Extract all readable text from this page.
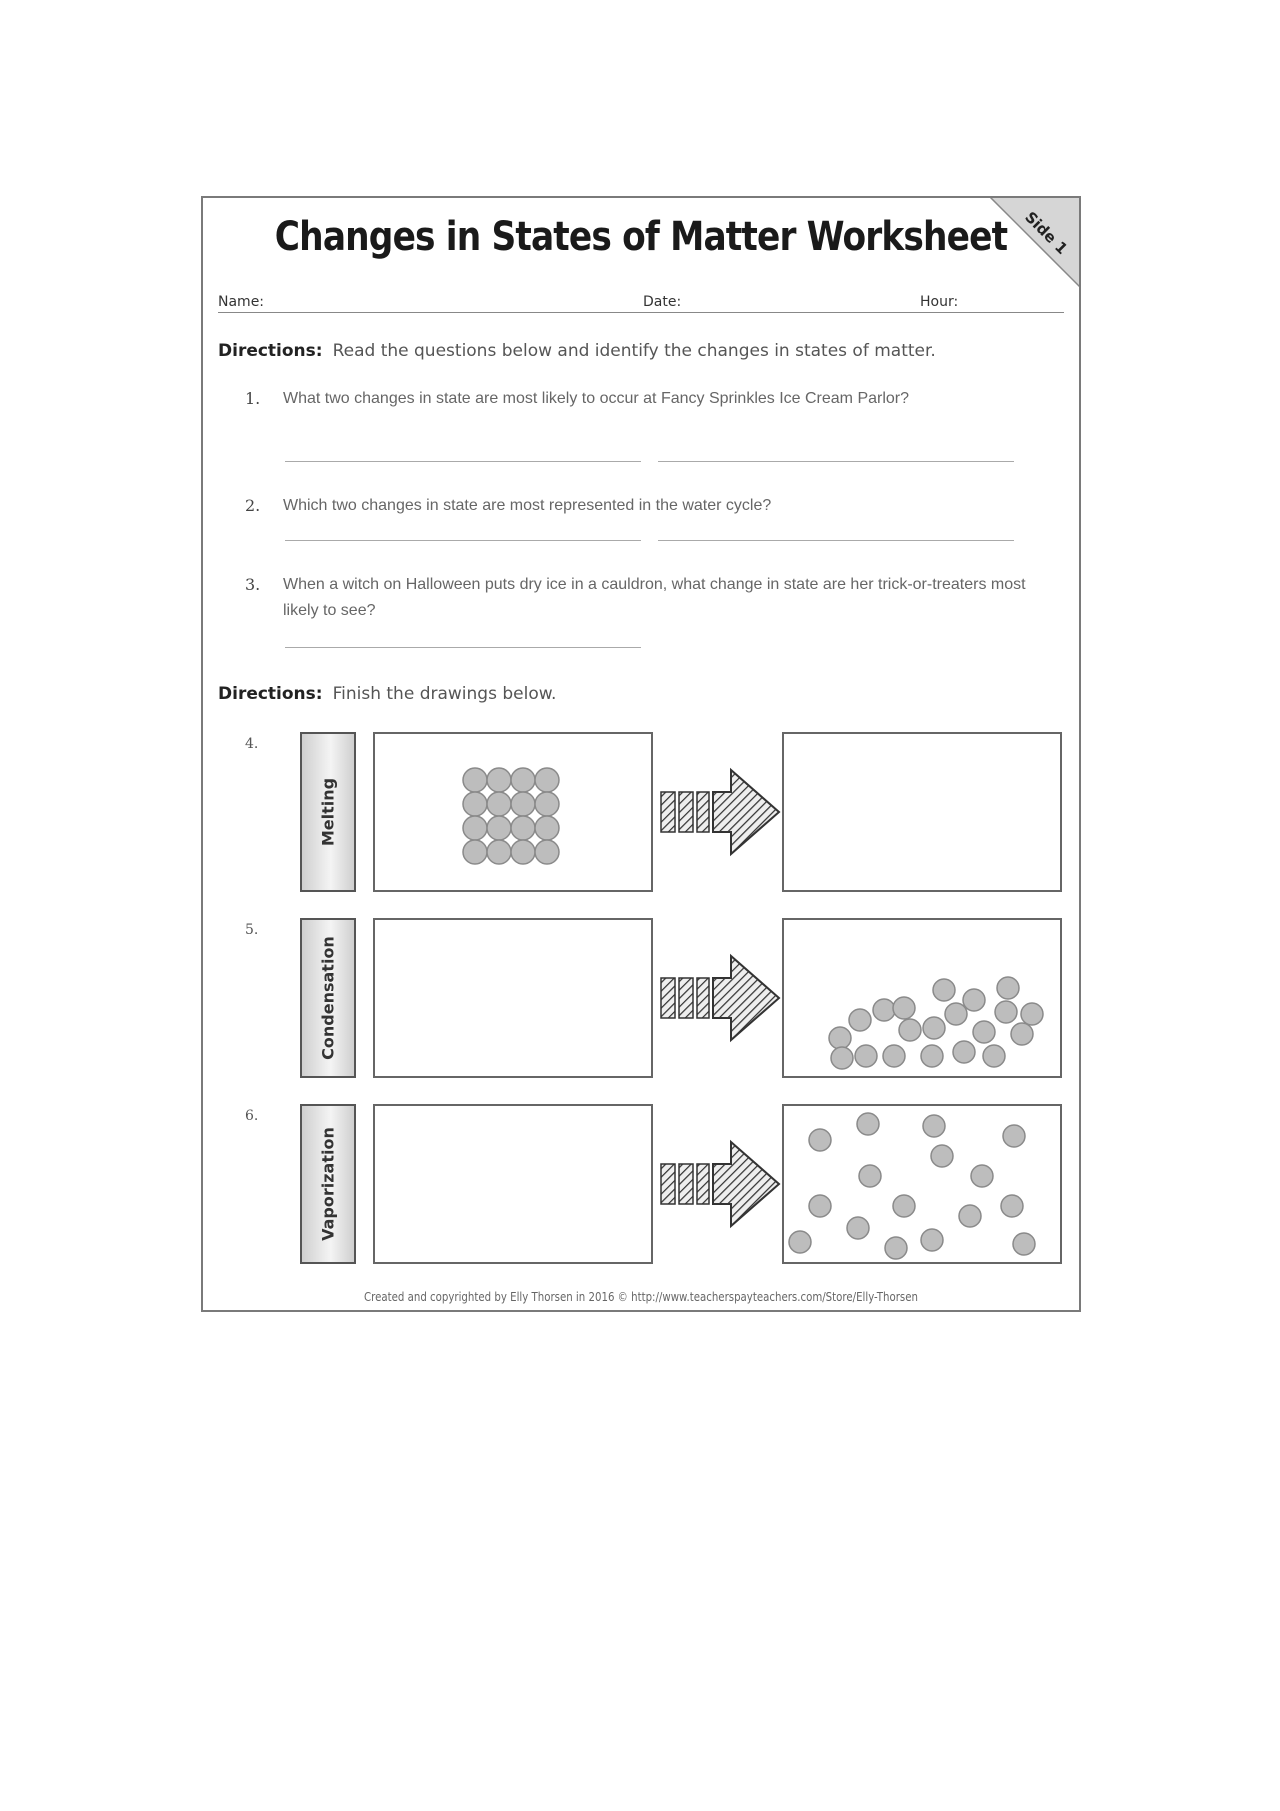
Side 1
Changes in States of Matter Worksheet
Name:	Date:	Hour:
Directions: Read the questions below and identify the changes in states of matter.
1. What two changes in state are most likely to occur at Fancy Sprinkles Ice Cream Parlor?
2. Which two changes in state are most represented in the water cycle?
3. When a witch on Halloween puts dry ice in a cauldron, what change in state are her trick-or-treaters most likely to see?
Directions: Finish the drawings below.
4.
Melting
5.
Condensation
6.
Vaporization
Created and copyrighted by Elly Thorsen in 2016 © http://www.teacherspayteachers.com/Store/Elly-Thorsen
